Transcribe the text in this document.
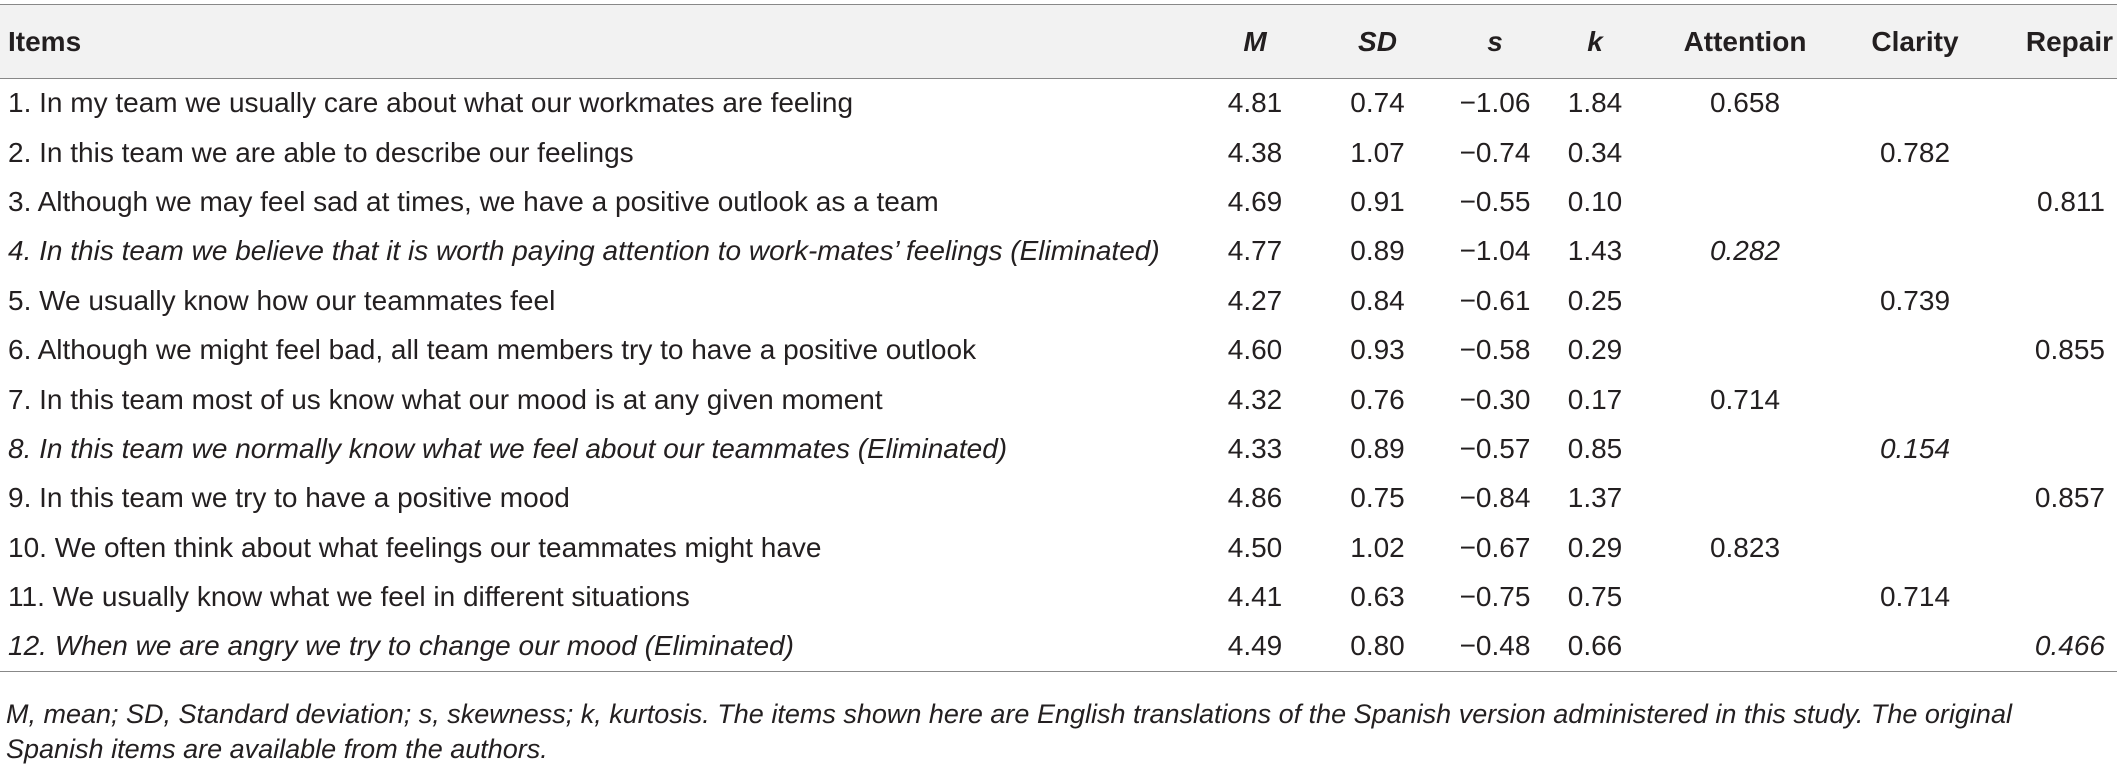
Items	M	SD	s	k	Attention	Clarity	Repair
1. In my team we usually care about what our workmates are feeling	4.81	0.74	−1.06	1.84	0.658		
2. In this team we are able to describe our feelings	4.38	1.07	−0.74	0.34		0.782	
3. Although we may feel sad at times, we have a positive outlook as a team	4.69	0.91	−0.55	0.10			0.811
4. In this team we believe that it is worth paying attention to work-mates’ feelings (Eliminated)	4.77	0.89	−1.04	1.43	0.282		
5. We usually know how our teammates feel	4.27	0.84	−0.61	0.25		0.739	
6. Although we might feel bad, all team members try to have a positive outlook	4.60	0.93	−0.58	0.29			0.855
7. In this team most of us know what our mood is at any given moment	4.32	0.76	−0.30	0.17	0.714		
8. In this team we normally know what we feel about our teammates (Eliminated)	4.33	0.89	−0.57	0.85		0.154	
9. In this team we try to have a positive mood	4.86	0.75	−0.84	1.37			0.857
10. We often think about what feelings our teammates might have	4.50	1.02	−0.67	0.29	0.823		
11. We usually know what we feel in different situations	4.41	0.63	−0.75	0.75		0.714	
12. When we are angry we try to change our mood (Eliminated)	4.49	0.80	−0.48	0.66			0.466
M, mean; SD, Standard deviation; s, skewness; k, kurtosis. The items shown here are English translations of the Spanish version administered in this study. The original Spanish items are available from the authors.
